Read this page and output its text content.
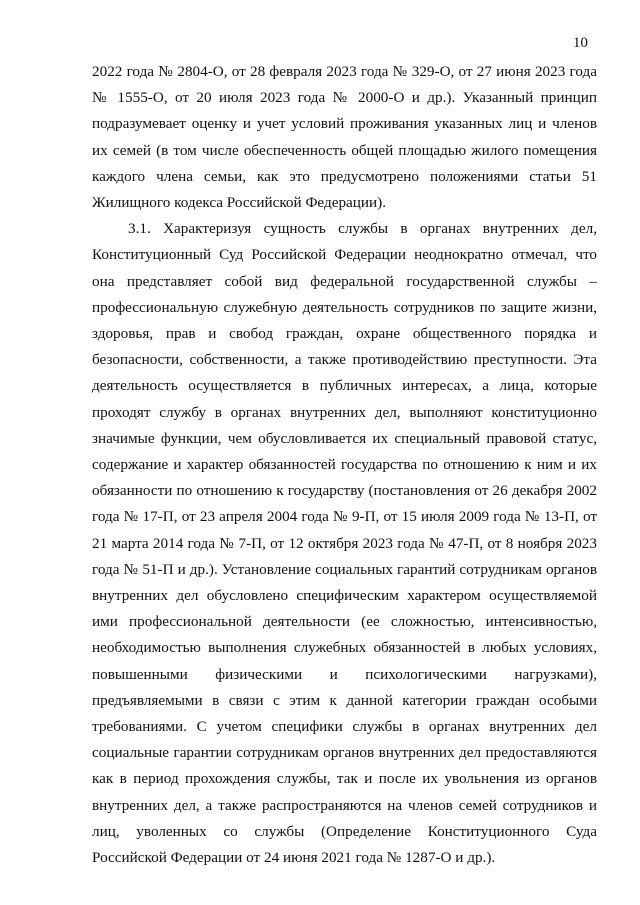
10

2022 года № 2804-О, от 28 февраля 2023 года № 329-О, от 27 июня 2023 года
№ 1555-О, от 20 июля 2023 года № 2000-О и др.). Указанный принцип
подразумевает оценку и учет условий проживания указанных лиц и членов
их семей (в том числе обеспеченность общей площадью жилого помещения
каждого члена семьи, как это предусмотрено положениями статьи 51
Жилищного кодекса Российской Федерации).

3.1. Характеризуя сущность службы в органах внутренних дел,
Конституционный Суд Российской Федерации неоднократно отмечал, что
она представляет собой вид федеральной государственной службы –
профессиональную служебную деятельность сотрудников по защите жизни,
здоровья, прав и свобод граждан, охране общественного порядка и
безопасности, собственности, а также противодействию преступности. Эта
деятельность осуществляется в публичных интересах, а лица, которые
проходят службу в органах внутренних дел, выполняют конституционно
значимые функции, чем обусловливается их специальный правовой статус,
содержание и характер обязанностей государства по отношению к ним и их
обязанности по отношению к государству (постановления от 26 декабря 2002
года № 17-П, от 23 апреля 2004 года № 9-П, от 15 июля 2009 года № 13-П, от
21 марта 2014 года № 7-П, от 12 октября 2023 года № 47-П, от 8 ноября 2023
года № 51-П и др.). Установление социальных гарантий сотрудникам органов
внутренних дел обусловлено специфическим характером осуществляемой
ими профессиональной деятельности (ее сложностью, интенсивностью,
необходимостью выполнения служебных обязанностей в любых условиях,
повышенными физическими и психологическими нагрузками),
предъявляемыми в связи с этим к данной категории граждан особыми
требованиями. С учетом специфики службы в органах внутренних дел
социальные гарантии сотрудникам органов внутренних дел предоставляются
как в период прохождения службы, так и после их увольнения из органов
внутренних дел, а также распространяются на членов семей сотрудников и
лиц, уволенных со службы (Определение Конституционного Суда
Российской Федерации от 24 июня 2021 года № 1287-О и др.).
